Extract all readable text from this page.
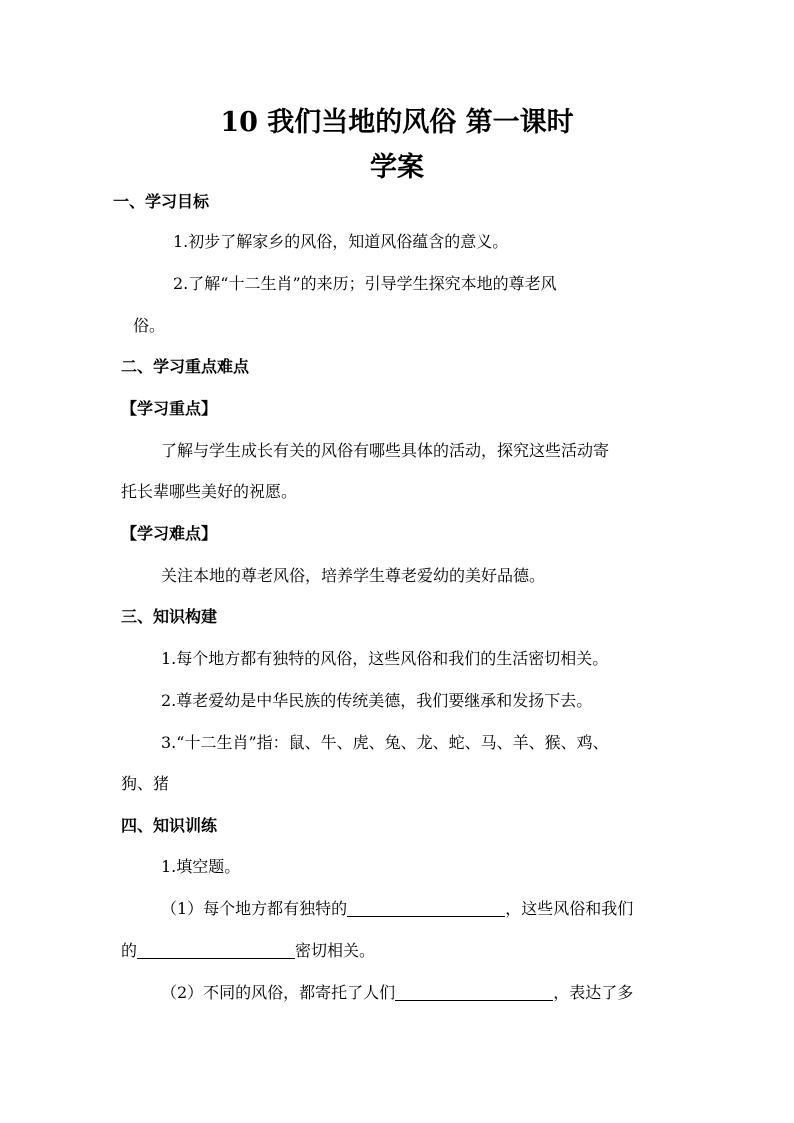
10 我们当地的风俗 第一课时
学案
一、学习目标
1.初步了解家乡的风俗，知道风俗蕴含的意义。
2.了解“十二生肖”的来历；引导学生探究本地的尊老风
俗。
二、学习重点难点
【学习重点】
了解与学生成长有关的风俗有哪些具体的活动，探究这些活动寄
托长辈哪些美好的祝愿。
【学习难点】
关注本地的尊老风俗，培养学生尊老爱幼的美好品德。
三、知识构建
1.每个地方都有独特的风俗，这些风俗和我们的生活密切相关。
2.尊老爱幼是中华民族的传统美德，我们要继承和发扬下去。
3.“十二生肖”指：鼠、牛、虎、兔、龙、蛇、马、羊、猴、鸡、
狗、猪
四、知识训练
1.填空题。
（1）每个地方都有独特的	，这些风俗和我们
的	密切相关。
（2）不同的风俗，都寄托了人们	，表达了多
